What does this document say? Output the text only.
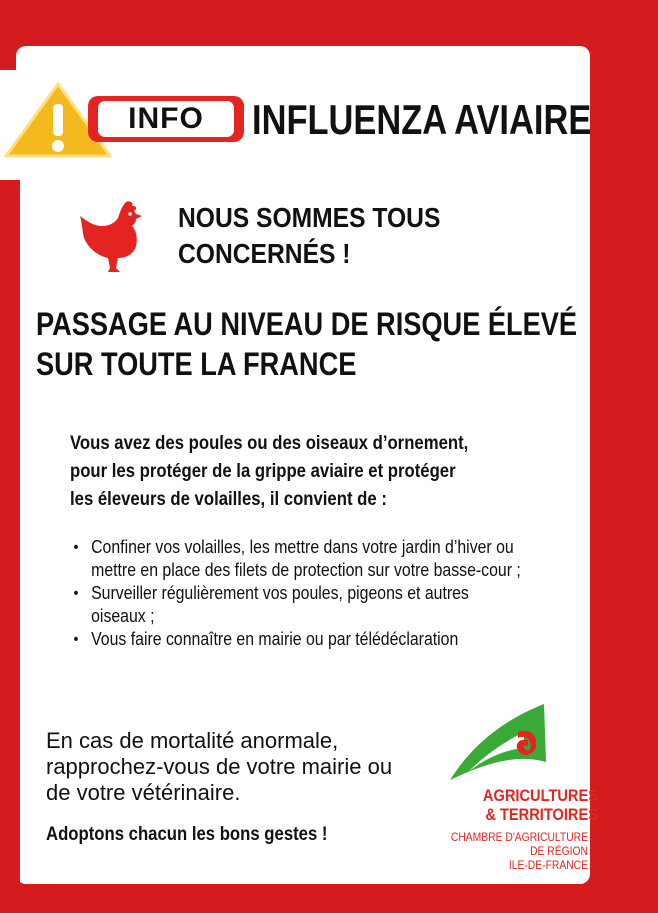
INFO	INFLUENZA AVIAIRE
NOUS SOMMES TOUS
CONCERNÉS !
PASSAGE AU NIVEAU DE RISQUE ÉLEVÉ
SUR TOUTE LA FRANCE
Vous avez des poules ou des oiseaux d’ornement,
pour les protéger de la grippe aviaire et protéger
les éleveurs de volailles, il convient de :
• Confiner vos volailles, les mettre dans votre jardin d’hiver ou mettre en place des filets de protection sur votre basse-cour ;
• Surveiller régulièrement vos poules, pigeons et autres oiseaux ;
• Vous faire connaître en mairie ou par télédéclaration
En cas de mortalité anormale,
rapprochez-vous de votre mairie ou
de votre vétérinaire.
Adoptons chacun les bons gestes !
AGRICULTURES
& TERRITOIRES
CHAMBRE D'AGRICULTURE
DE RÉGION
ILE-DE-FRANCE
